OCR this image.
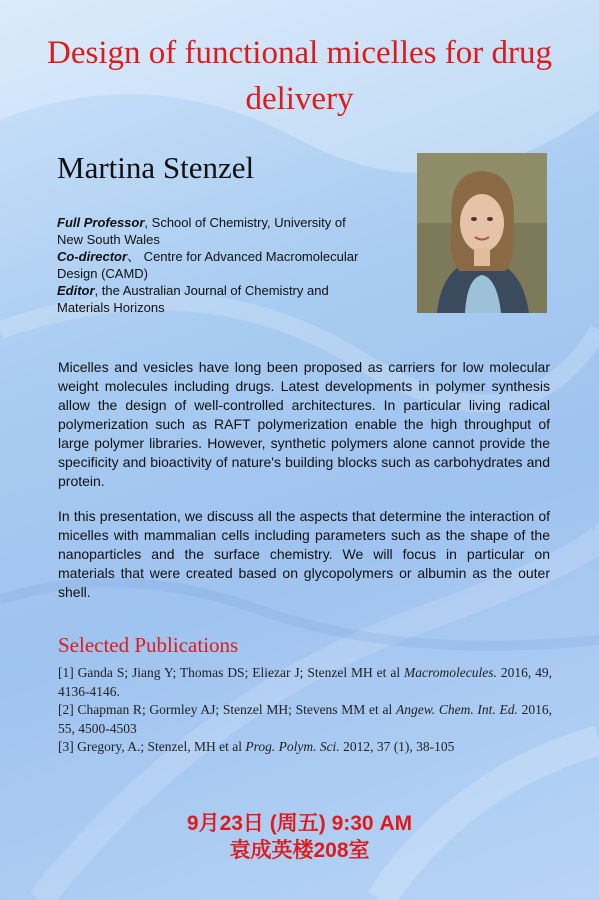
Design of functional micelles for drug delivery
Martina Stenzel
Full Professor, School of Chemistry, University of New South Wales
Co-director、 Centre for Advanced Macromolecular Design (CAMD)
Editor, the Australian Journal of Chemistry and Materials Horizons

Micelles and vesicles have long been proposed as carriers for low molecular weight molecules including drugs. Latest developments in polymer synthesis allow the design of well-controlled architectures. In particular living radical polymerization such as RAFT polymerization enable the high throughput of large polymer libraries. However, synthetic polymers alone cannot provide the specificity and bioactivity of nature's building blocks such as carbohydrates and protein.

In this presentation, we discuss all the aspects that determine the interaction of micelles with mammalian cells including parameters such as the shape of the nanoparticles and the surface chemistry. We will focus in particular on materials that were created based on glycopolymers or albumin as the outer shell.

Selected Publications
[1] Ganda S; Jiang Y; Thomas DS; Eliezar J; Stenzel MH et al Macromolecules. 2016, 49, 4136-4146.
[2] Chapman R; Gormley AJ; Stenzel MH; Stevens MM et al Angew. Chem. Int. Ed. 2016, 55, 4500-4503
[3] Gregory, A.; Stenzel, MH et al Prog. Polym. Sci. 2012, 37 (1), 38-105
9月23日 (周五) 9:30 AM
袁成英楼208室
